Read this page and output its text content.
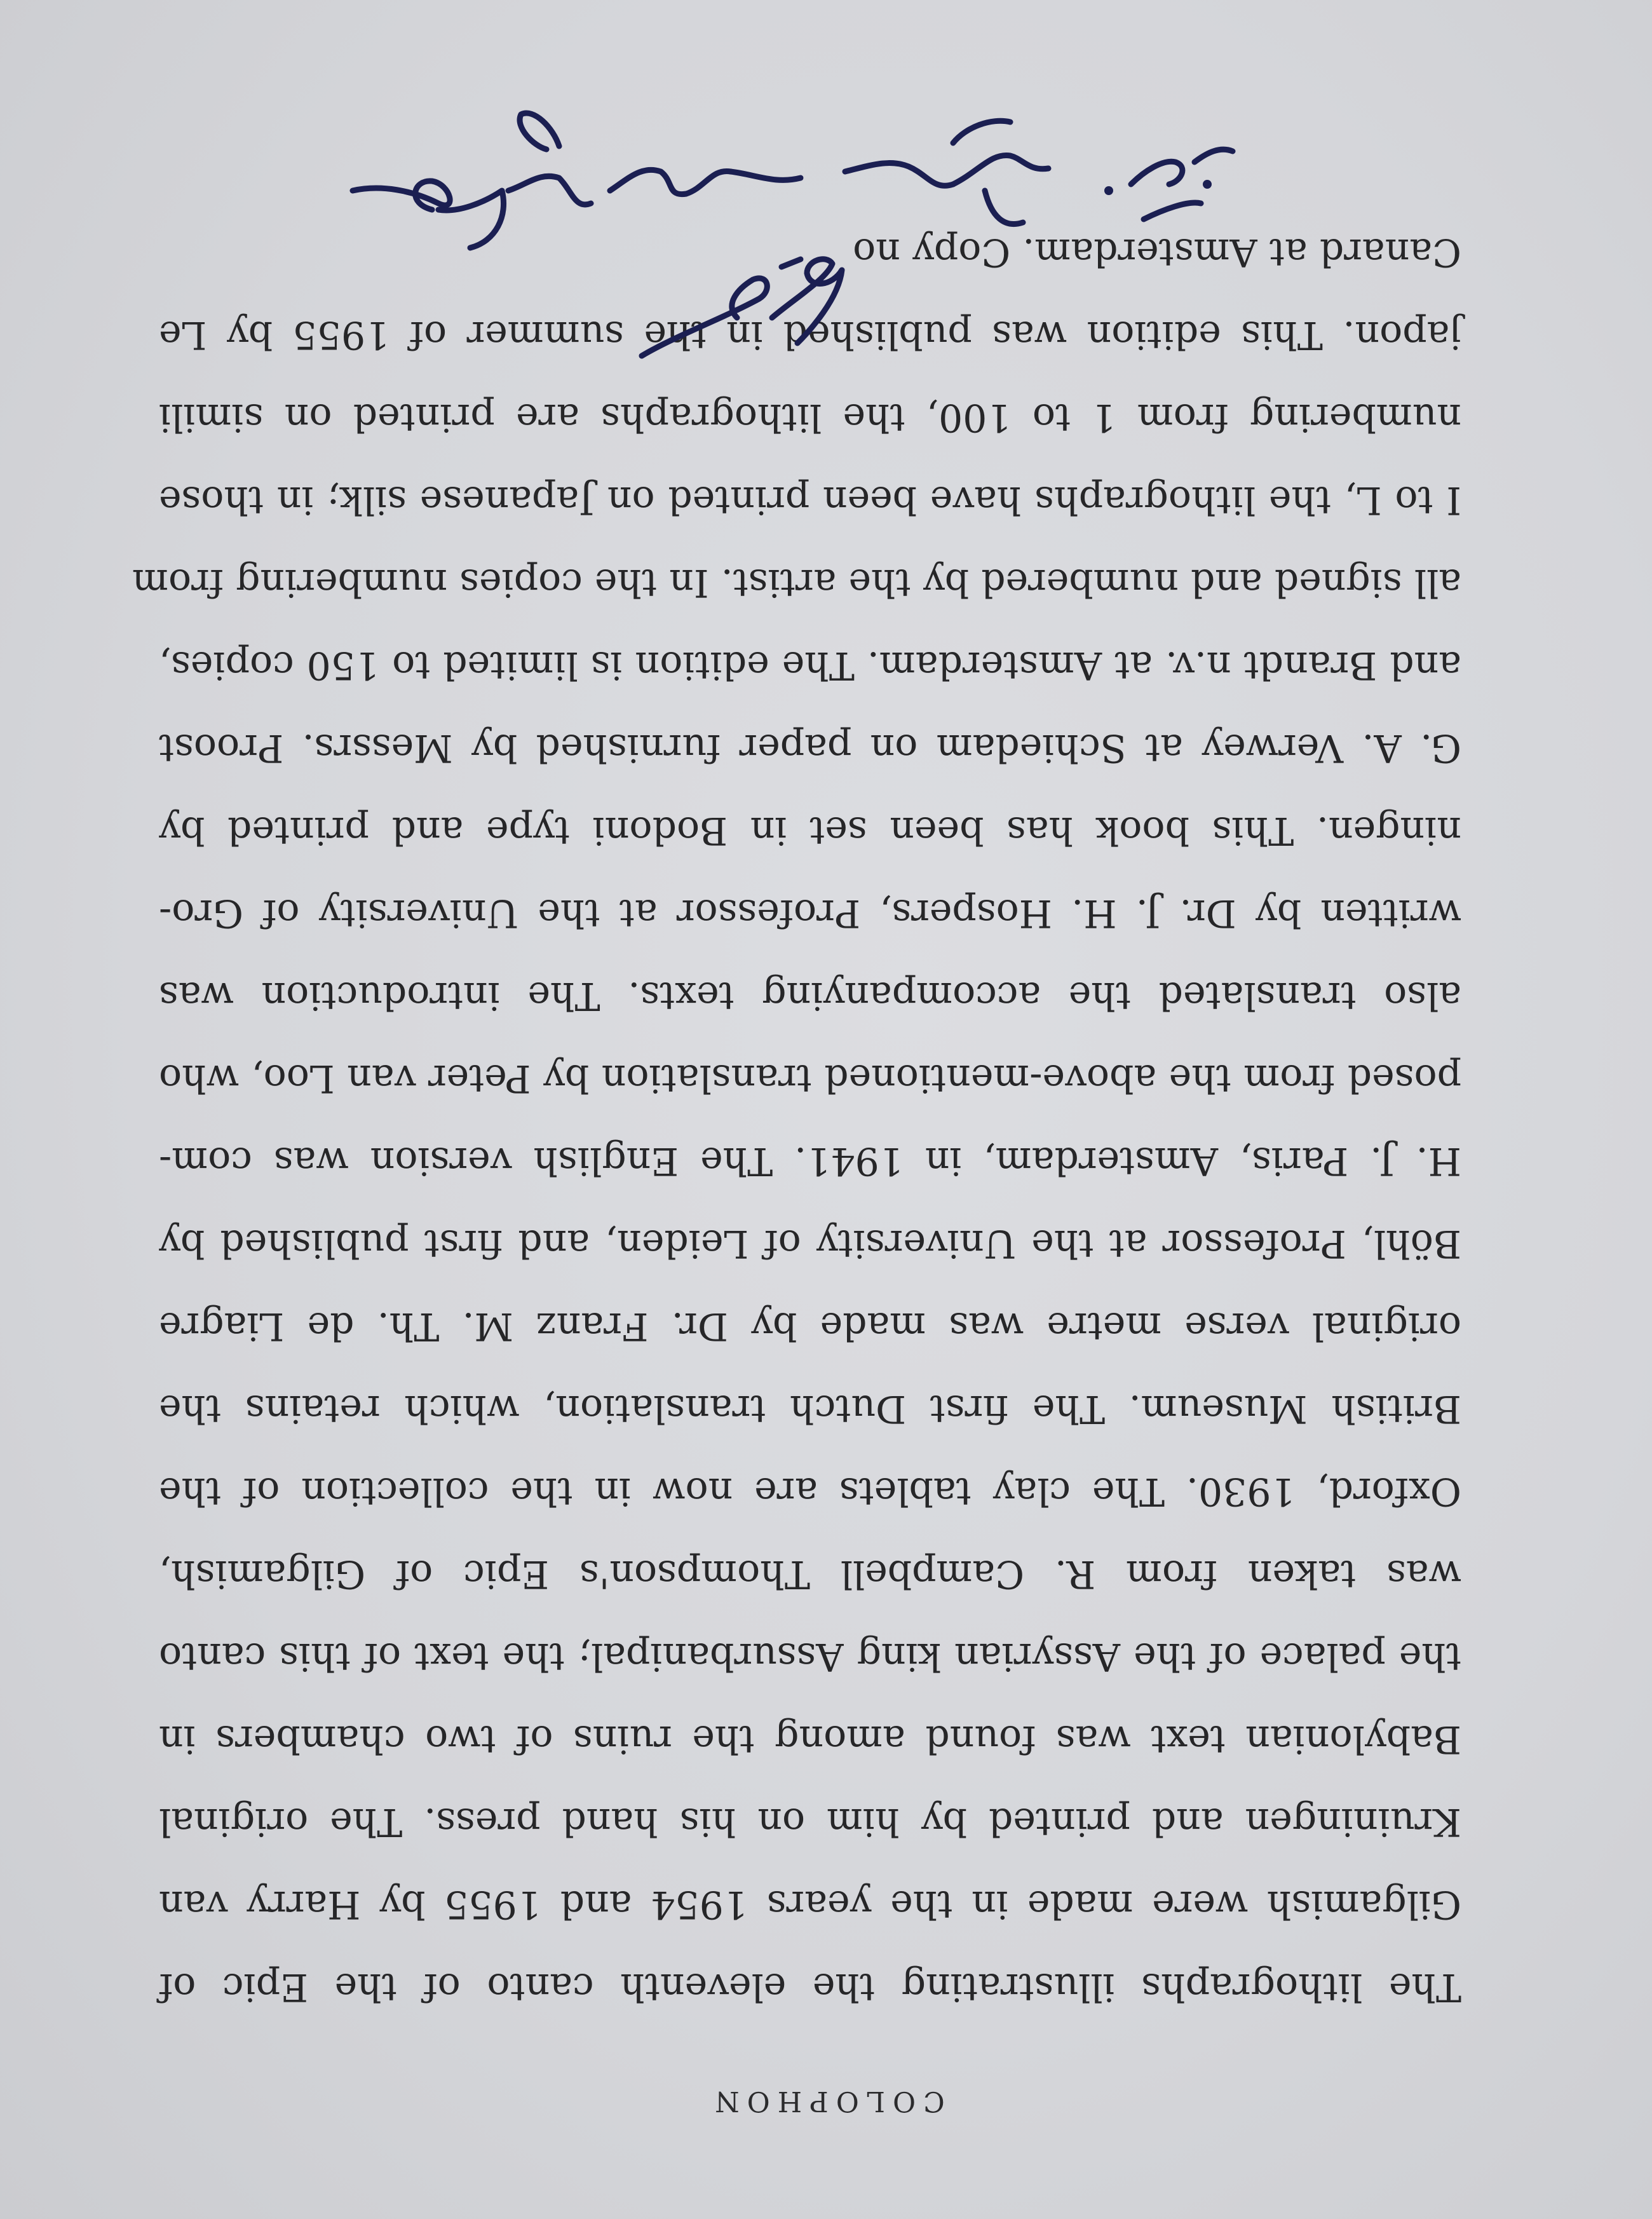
COLOPHON
The lithographs illustrating the eleventh canto of the Epic of
Gilgamish were made in the years 1954 and 1955 by Harry van
Kruiningen and printed by him on his hand press. The original
Babylonian text was found among the ruins of two chambers in
the palace of the Assyrian king Assurbanipal; the text of this canto
was taken from R. Campbell Thompson's Epic of Gilgamish,
Oxford, 1930. The clay tablets are now in the collection of the
British Museum. The first Dutch translation, which retains the
original verse metre was made by Dr. Franz M. Th. de Liagre
Böhl, Professor at the University of Leiden, and first published by
H. J. Paris, Amsterdam, in 1941. The English version was com-
posed from the above-mentioned translation by Peter van Loo, who
also translated the accompanying texts. The introduction was
written by Dr. J. H. Hospers, Professor at the University of Gro-
ningen. This book has been set in Bodoni type and printed by
G. A. Verwey at Schiedam on paper furnished by Messrs. Proost
and Brandt n.v. at Amsterdam. The edition is limited to 150 copies,
all signed and numbered by the artist. In the copies numbering from
I to L, the lithographs have been printed on Japanese silk; in those
numbering from 1 to 100, the lithographs are printed on simili
japon. This edition was published in the summer of 1955 by Le
Canard at Amsterdam. Copy no
